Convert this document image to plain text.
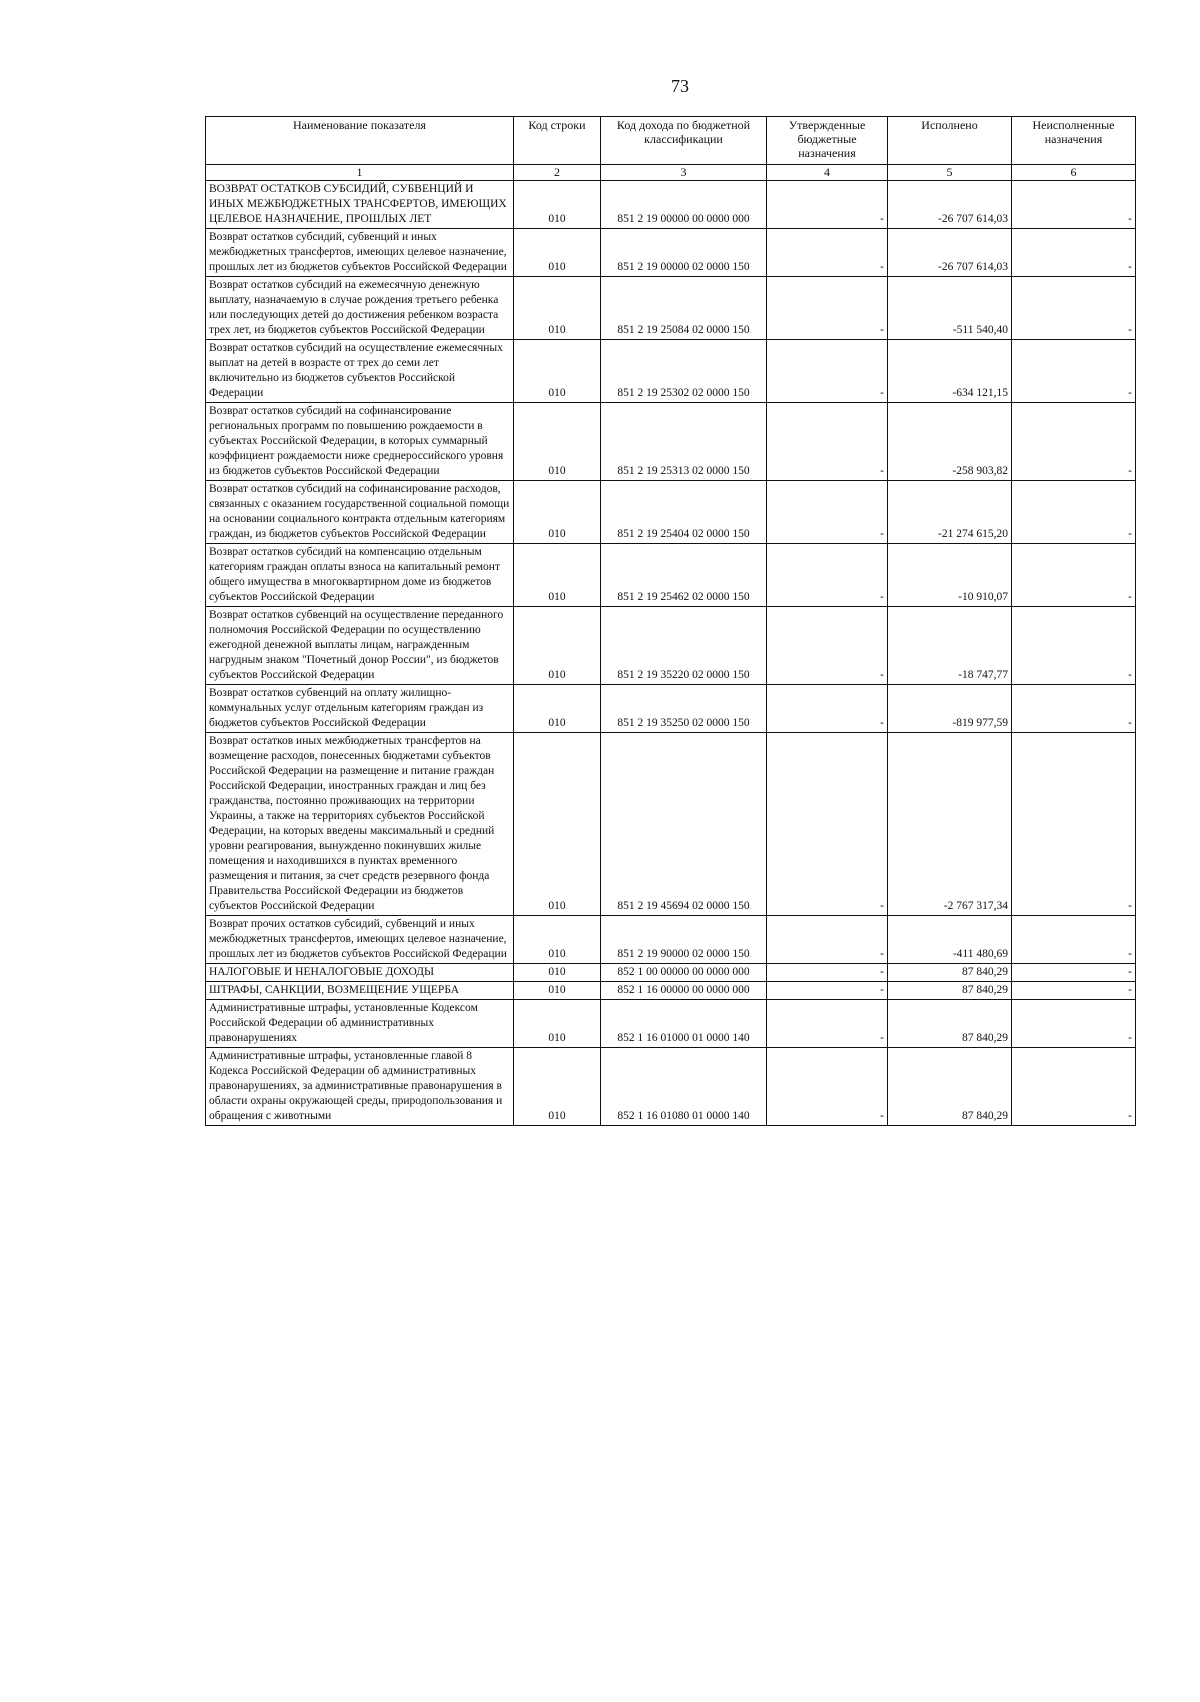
73
Наименование показателя	Код строки	Код дохода по бюджетной классификации	Утвержденные бюджетные назначения	Исполнено	Неисполненные назначения
1	2	3	4	5	6
ВОЗВРАТ ОСТАТКОВ СУБСИДИЙ, СУБВЕНЦИЙ И ИНЫХ МЕЖБЮДЖЕТНЫХ ТРАНСФЕРТОВ, ИМЕЮЩИХ ЦЕЛЕВОЕ НАЗНАЧЕНИЕ, ПРОШЛЫХ ЛЕТ	010	851 2 19 00000 00 0000 000	-	-26 707 614,03	-
Возврат остатков субсидий, субвенций и иных межбюджетных трансфертов, имеющих целевое назначение, прошлых лет из бюджетов субъектов Российской Федерации	010	851 2 19 00000 02 0000 150	-	-26 707 614,03	-
Возврат остатков субсидий на ежемесячную денежную выплату, назначаемую в случае рождения третьего ребенка или последующих детей до достижения ребенком возраста трех лет, из бюджетов субъектов Российской Федерации	010	851 2 19 25084 02 0000 150	-	-511 540,40	-
Возврат остатков субсидий на осуществление ежемесячных выплат на детей в возрасте от трех до семи лет включительно из бюджетов субъектов Российской Федерации	010	851 2 19 25302 02 0000 150	-	-634 121,15	-
Возврат остатков субсидий на софинансирование региональных программ по повышению рождаемости в субъектах Российской Федерации, в которых суммарный коэффициент рождаемости ниже среднероссийского уровня из бюджетов субъектов Российской Федерации	010	851 2 19 25313 02 0000 150	-	-258 903,82	-
Возврат остатков субсидий на софинансирование расходов, связанных с оказанием государственной социальной помощи на основании социального контракта отдельным категориям граждан, из бюджетов субъектов Российской Федерации	010	851 2 19 25404 02 0000 150	-	-21 274 615,20	-
Возврат остатков субсидий на компенсацию отдельным категориям граждан оплаты взноса на капитальный ремонт общего имущества в многоквартирном доме из бюджетов субъектов Российской Федерации	010	851 2 19 25462 02 0000 150	-	-10 910,07	-
Возврат остатков субвенций на осуществление переданного полномочия Российской Федерации по осуществлению ежегодной денежной выплаты лицам, награжденным нагрудным знаком "Почетный донор России", из бюджетов субъектов Российской Федерации	010	851 2 19 35220 02 0000 150	-	-18 747,77	-
Возврат остатков субвенций на оплату жилищно-коммунальных услуг отдельным категориям граждан из бюджетов субъектов Российской Федерации	010	851 2 19 35250 02 0000 150	-	-819 977,59	-
Возврат остатков иных межбюджетных трансфертов на возмещение расходов, понесенных бюджетами субъектов Российской Федерации на размещение и питание граждан Российской Федерации, иностранных граждан и лиц без гражданства, постоянно проживающих на территории Украины, а также на территориях субъектов Российской Федерации, на которых введены максимальный и средний уровни реагирования, вынужденно покинувших жилые помещения и находившихся в пунктах временного размещения и питания, за счет средств резервного фонда Правительства Российской Федерации из бюджетов субъектов Российской Федерации	010	851 2 19 45694 02 0000 150	-	-2 767 317,34	-
Возврат прочих остатков субсидий, субвенций и иных межбюджетных трансфертов, имеющих целевое назначение, прошлых лет из бюджетов субъектов Российской Федерации	010	851 2 19 90000 02 0000 150	-	-411 480,69	-
НАЛОГОВЫЕ И НЕНАЛОГОВЫЕ ДОХОДЫ	010	852 1 00 00000 00 0000 000	-	87 840,29	-
ШТРАФЫ, САНКЦИИ, ВОЗМЕЩЕНИЕ УЩЕРБА	010	852 1 16 00000 00 0000 000	-	87 840,29	-
Административные штрафы, установленные Кодексом Российской Федерации об административных правонарушениях	010	852 1 16 01000 01 0000 140	-	87 840,29	-
Административные штрафы, установленные главой 8 Кодекса Российской Федерации об административных правонарушениях, за административные правонарушения в области охраны окружающей среды, природопользования и обращения с животными	010	852 1 16 01080 01 0000 140	-	87 840,29	-
